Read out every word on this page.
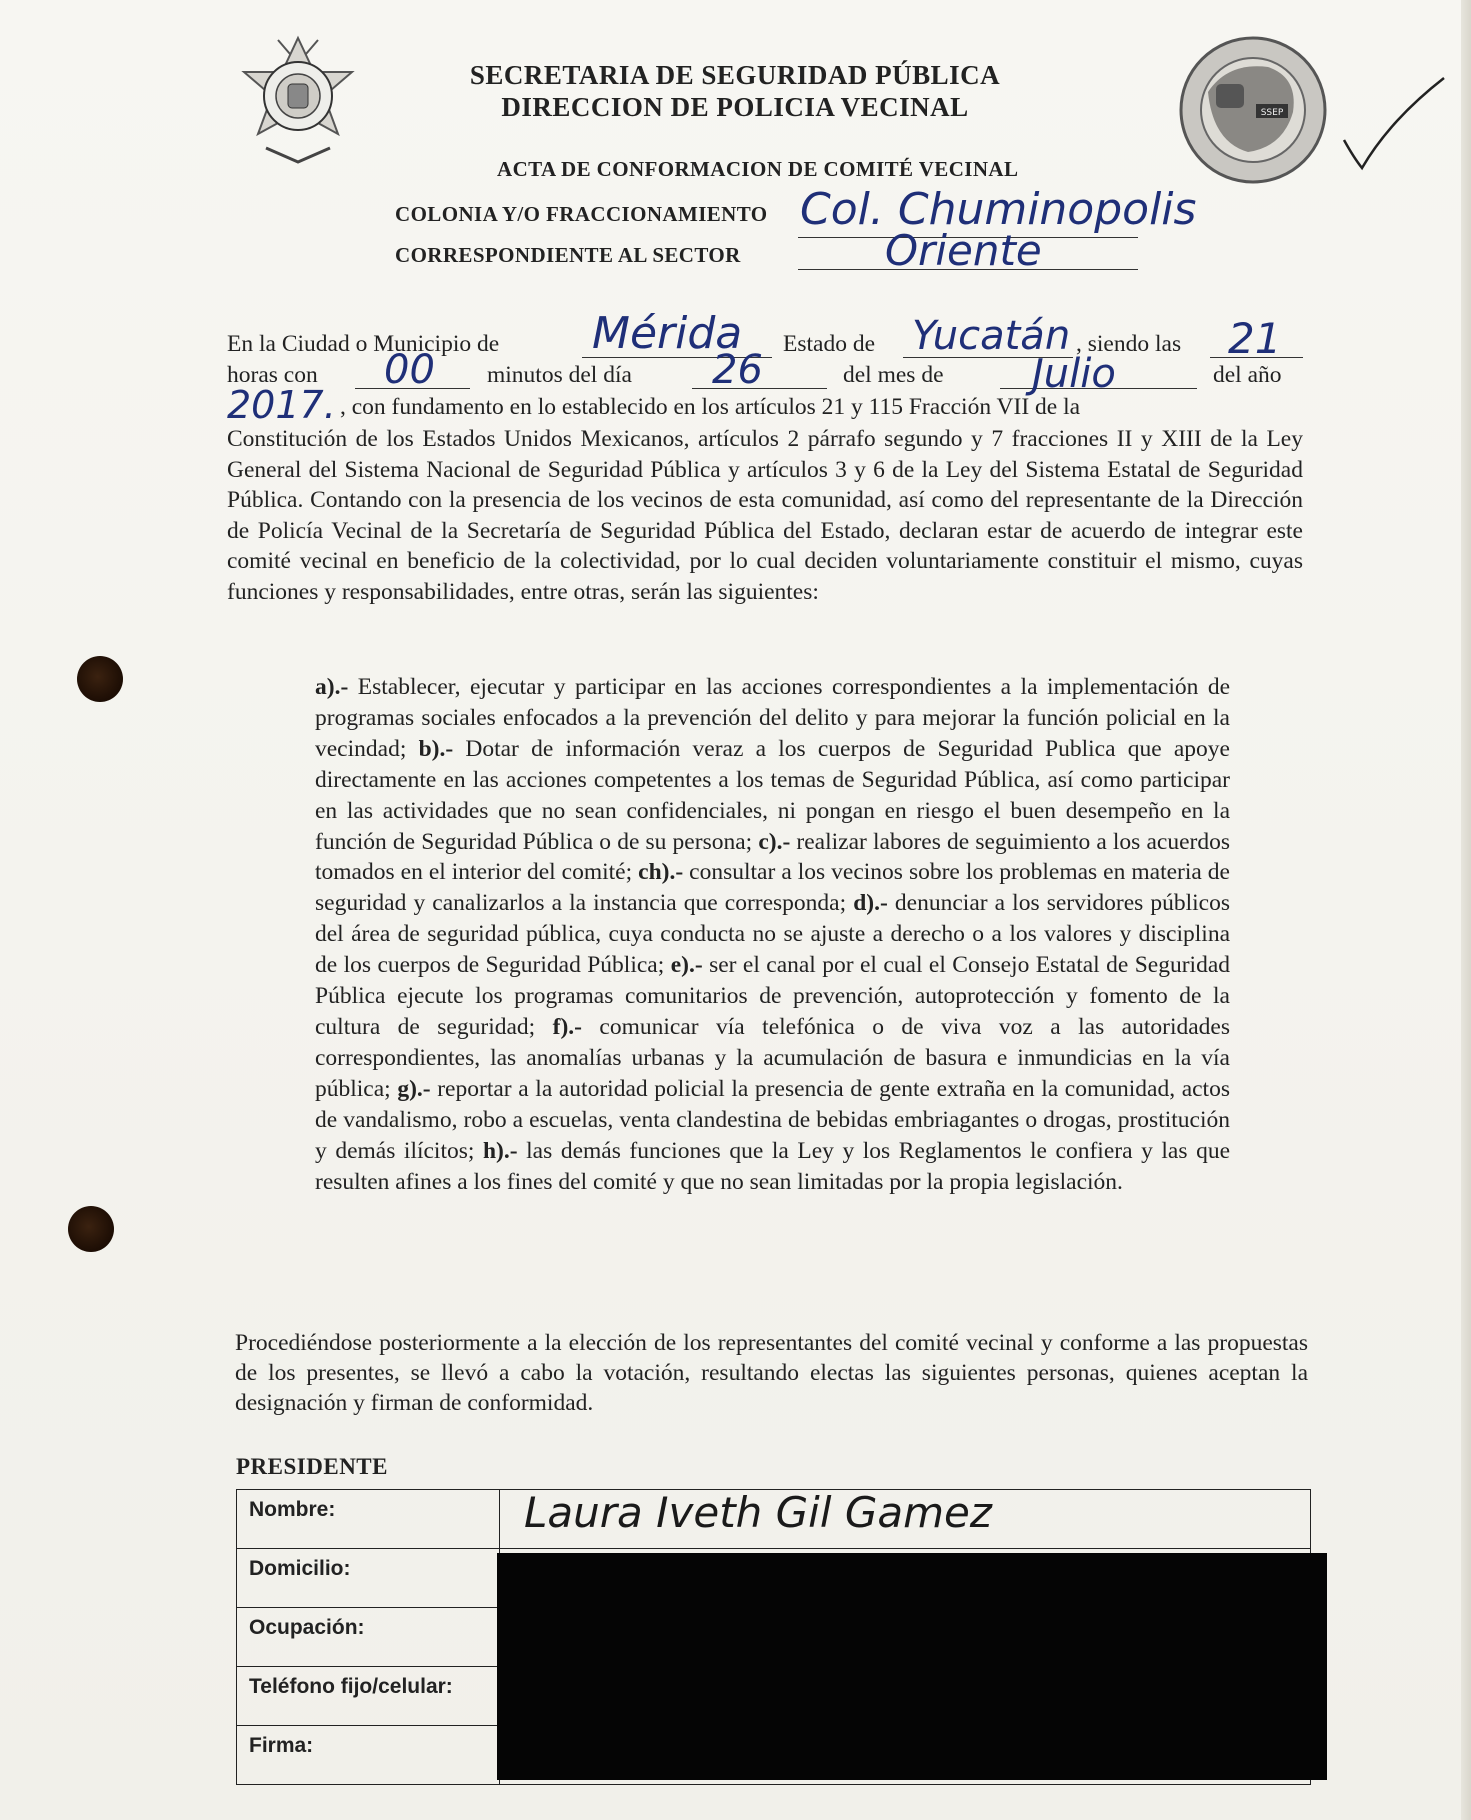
SECRETARIA DE SEGURIDAD PÚBLICA
DIRECCION DE POLICIA VECINAL	SSEP
ACTA DE CONFORMACION DE COMITÉ VECINAL
COLONIA Y/O FRACCIONAMIENTO Col. Chuminopolis
CORRESPONDIENTE AL SECTOR	Oriente
En la Ciudad o Municipio de Mérida Estado de Yucatán , siendo las 21
horas con 00 minutos del día 26	del mes de Julio	del año
2017. , con fundamento en lo establecido en los artículos 21 y 115 Fracción VII de la
Constitución de los Estados Unidos Mexicanos, artículos 2 párrafo segundo y 7 fracciones II y XIII de la Ley General del Sistema Nacional de Seguridad Pública y artículos 3 y 6 de la Ley del Sistema Estatal de Seguridad Pública. Contando con la presencia de los vecinos de esta comunidad, así como del representante de la Dirección de Policía Vecinal de la Secretaría de Seguridad Pública del Estado, declaran estar de acuerdo de integrar este comité vecinal en beneficio de la colectividad, por lo cual deciden voluntariamente constituir el mismo, cuyas funciones y responsabilidades, entre otras, serán las siguientes:
a).- Establecer, ejecutar y participar en las acciones correspondientes a la implementación de programas sociales enfocados a la prevención del delito y para mejorar la función policial en la vecindad; b).- Dotar de información veraz a los cuerpos de Seguridad Publica que apoye directamente en las acciones competentes a los temas de Seguridad Pública, así como participar en las actividades que no sean confidenciales, ni pongan en riesgo el buen desempeño en la función de Seguridad Pública o de su persona; c).- realizar labores de seguimiento a los acuerdos tomados en el interior del comité; ch).- consultar a los vecinos sobre los problemas en materia de seguridad y canalizarlos a la instancia que corresponda; d).- denunciar a los servidores públicos del área de seguridad pública, cuya conducta no se ajuste a derecho o a los valores y disciplina de los cuerpos de Seguridad Pública; e).- ser el canal por el cual el Consejo Estatal de Seguridad Pública ejecute los programas comunitarios de prevención, autoprotección y fomento de la cultura de seguridad; f).- comunicar vía telefónica o de viva voz a las autoridades correspondientes, las anomalías urbanas y la acumulación de basura e inmundicias en la vía pública; g).- reportar a la autoridad policial la presencia de gente extraña en la comunidad, actos de vandalismo, robo a escuelas, venta clandestina de bebidas embriagantes o drogas, prostitución y demás ilícitos; h).- las demás funciones que la Ley y los Reglamentos le confiera y las que resulten afines a los fines del comité y que no sean limitadas por la propia legislación.
Procediéndose posteriormente a la elección de los representantes del comité vecinal y conforme a las propuestas de los presentes, se llevó a cabo la votación, resultando electas las siguientes personas, quienes aceptan la designación y firman de conformidad.
PRESIDENTE
Nombre:	Laura Iveth Gil Gamez

Domicilio:	
Ocupación:	
Teléfono fijo/celular:	
Firma:	
